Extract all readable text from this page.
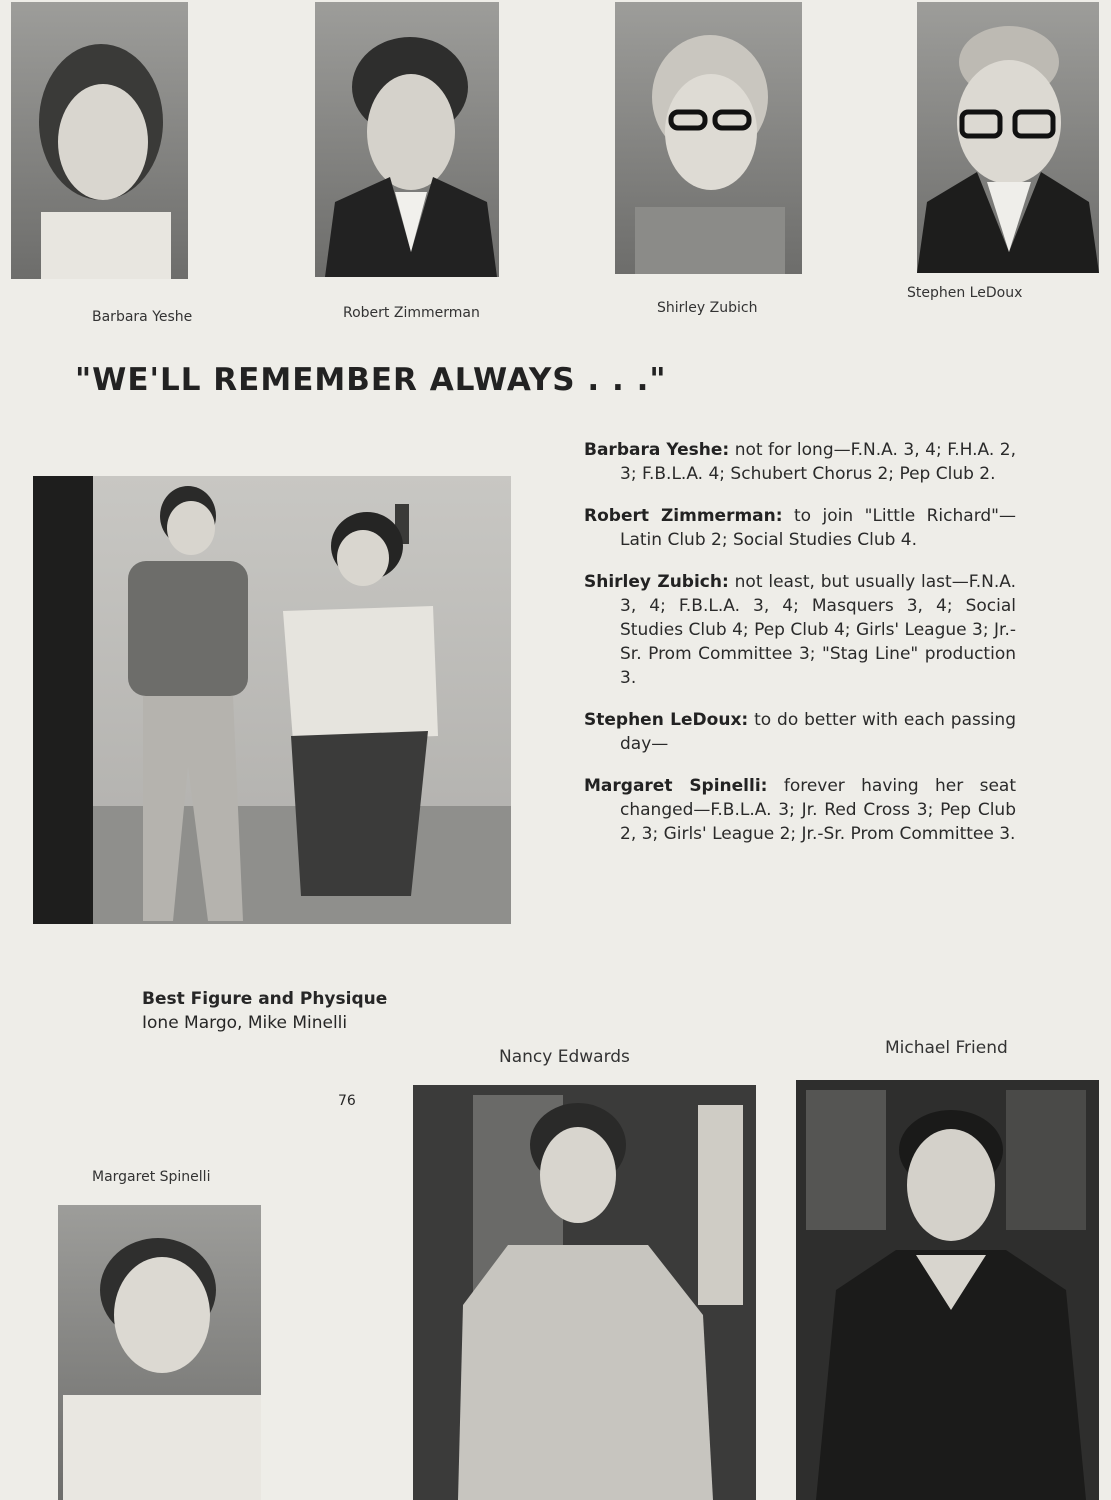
Barbara Yeshe	Robert Zimmerman	Shirley Zubich
Stephen LeDoux
"WE'LL REMEMBER ALWAYS . . ."
Barbara Yeshe: not for long—F.N.A. 3, 4; F.H.A. 2, 3; F.B.L.A. 4; Schubert Chorus 2; Pep Club 2.
Robert Zimmerman: to join "Little Richard"—Latin Club 2; Social Studies Club 4.
Shirley Zubich: not least, but usually last—F.N.A. 3, 4; F.B.L.A. 3, 4; Masquers 3, 4; Social Studies Club 4; Pep Club 4; Girls' League 3; Jr.-Sr. Prom Committee 3; "Stag Line" production 3.
Stephen LeDoux: to do better with each passing day—
Margaret Spinelli: forever having her seat changed—F.B.L.A. 3; Jr. Red Cross 3; Pep Club 2, 3; Girls' League 2; Jr.-Sr. Prom Committee 3.
Best Figure and Physique
Ione Margo, Mike Minelli
Margaret Spinelli
Nancy Edwards	Michael Friend
76
